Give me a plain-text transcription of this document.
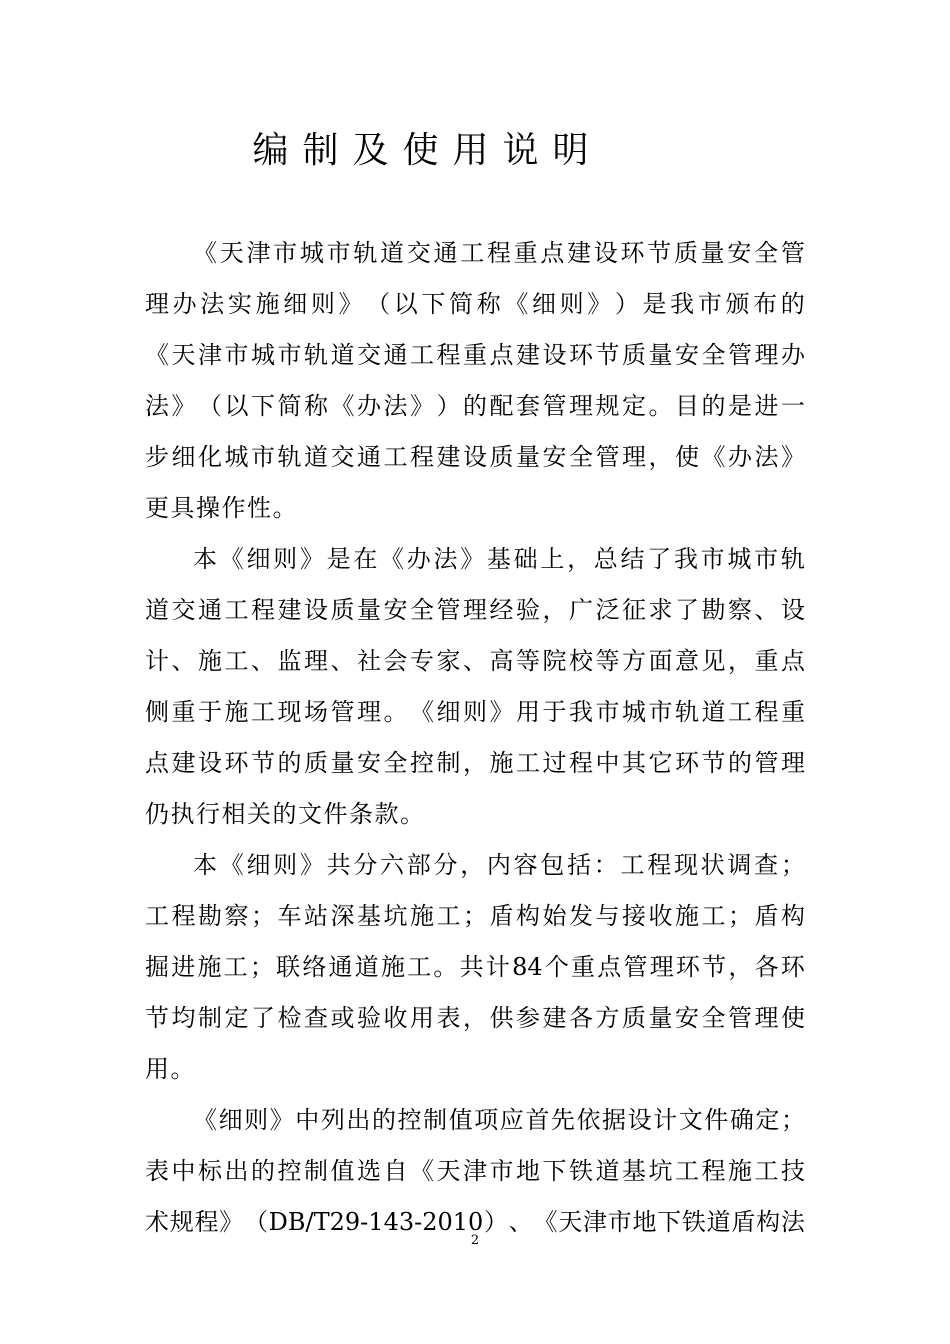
编制及使用说明
《 天 津 市 城 市 轨 道 交 通 工 程 重 点 建 设 环 节 质 量 安 全 管
理 办 法 实 施 细 则 》 （ 以 下 简 称 《 细 则 》 ） 是 我 市 颁 布 的
《 天 津 市 城 市 轨 道 交 通 工 程 重 点 建 设 环 节 质 量 安 全 管 理 办
法 》 （ 以 下 简 称 《 办 法 》 ） 的 配 套 管 理 规 定 。 目 的 是 进 一
步 细 化 城 市 轨 道 交 通 工 程 建 设 质 量 安 全 管 理 ， 使 《 办 法 》
更具操作性。
本 《 细 则 》 是 在 《 办 法 》 基 础 上 ， 总 结 了 我 市 城 市 轨
道 交 通 工 程 建 设 质 量 安 全 管 理 经 验 ， 广 泛 征 求 了 勘 察 、 设
计 、 施 工 、 监 理 、 社 会 专 家 、 高 等 院 校 等 方 面 意 见 ， 重 点
侧 重 于 施 工 现 场 管 理 。 《 细 则 》 用 于 我 市 城 市 轨 道 工 程 重
点 建 设 环 节 的 质 量 安 全 控 制 ， 施 工 过 程 中 其 它 环 节 的 管 理
仍执行相关的文件条款。
本 《 细 则 》 共 分 六 部 分 ， 内 容 包 括 ： 工 程 现 状 调 查 ；
工 程 勘 察 ； 车 站 深 基 坑 施 工 ； 盾 构 始 发 与 接 收 施 工 ； 盾 构
掘 进 施 工 ； 联 络 通 道 施 工 。 共 计 84 个 重 点 管 理 环 节 ， 各 环
节 均 制 定 了 检 查 或 验 收 用 表 ， 供 参 建 各 方 质 量 安 全 管 理 使
用。
《 细 则 》 中 列 出 的 控 制 值 项 应 首 先 依 据 设 计 文 件 确 定 ；
表 中 标 出 的 控 制 值 选 自 《 天 津 市 地 下 铁 道 基 坑 工 程 施 工 技
术 规 程 》 （ DB/T29-143-2010 ） 、 《 天 津 市 地 下 铁 道 盾 构 法
2
